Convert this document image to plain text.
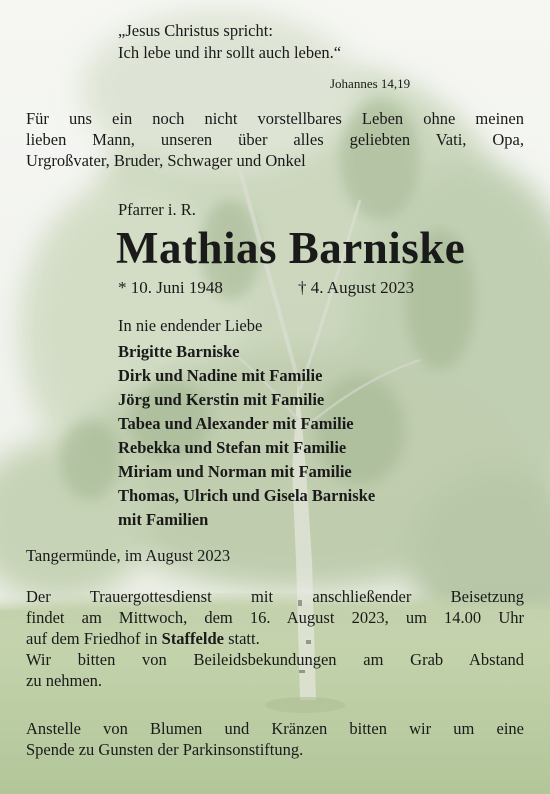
„Jesus Christus spricht:

Ich lebe und ihr sollt auch leben.“

Johannes 14,19

Für uns ein noch nicht vorstellbares Leben ohne meinen
lieben Mann, unseren über alles geliebten Vati, Opa,
Urgroßvater, Bruder, Schwager und Onkel

Pfarrer i. R.

Mathias Barniske

* 10. Juni 1948	† 4. August 2023

In nie endender Liebe

Brigitte Barniske
Dirk und Nadine mit Familie
Jörg und Kerstin mit Familie
Tabea und Alexander mit Familie
Rebekka und Stefan mit Familie
Miriam und Norman mit Familie
Thomas, Ulrich und Gisela Barniske
mit Familien

Tangermünde, im August 2023

Der Trauergottesdienst mit anschließender Beisetzung
findet am Mittwoch, dem 16. August 2023, um 14.00 Uhr
auf dem Friedhof in Staffelde statt.
Wir bitten von Beileidsbekundungen am Grab Abstand
zu nehmen.
Anstelle von Blumen und Kränzen bitten wir um eine
Spende zu Gunsten der Parkinsonstiftung.
